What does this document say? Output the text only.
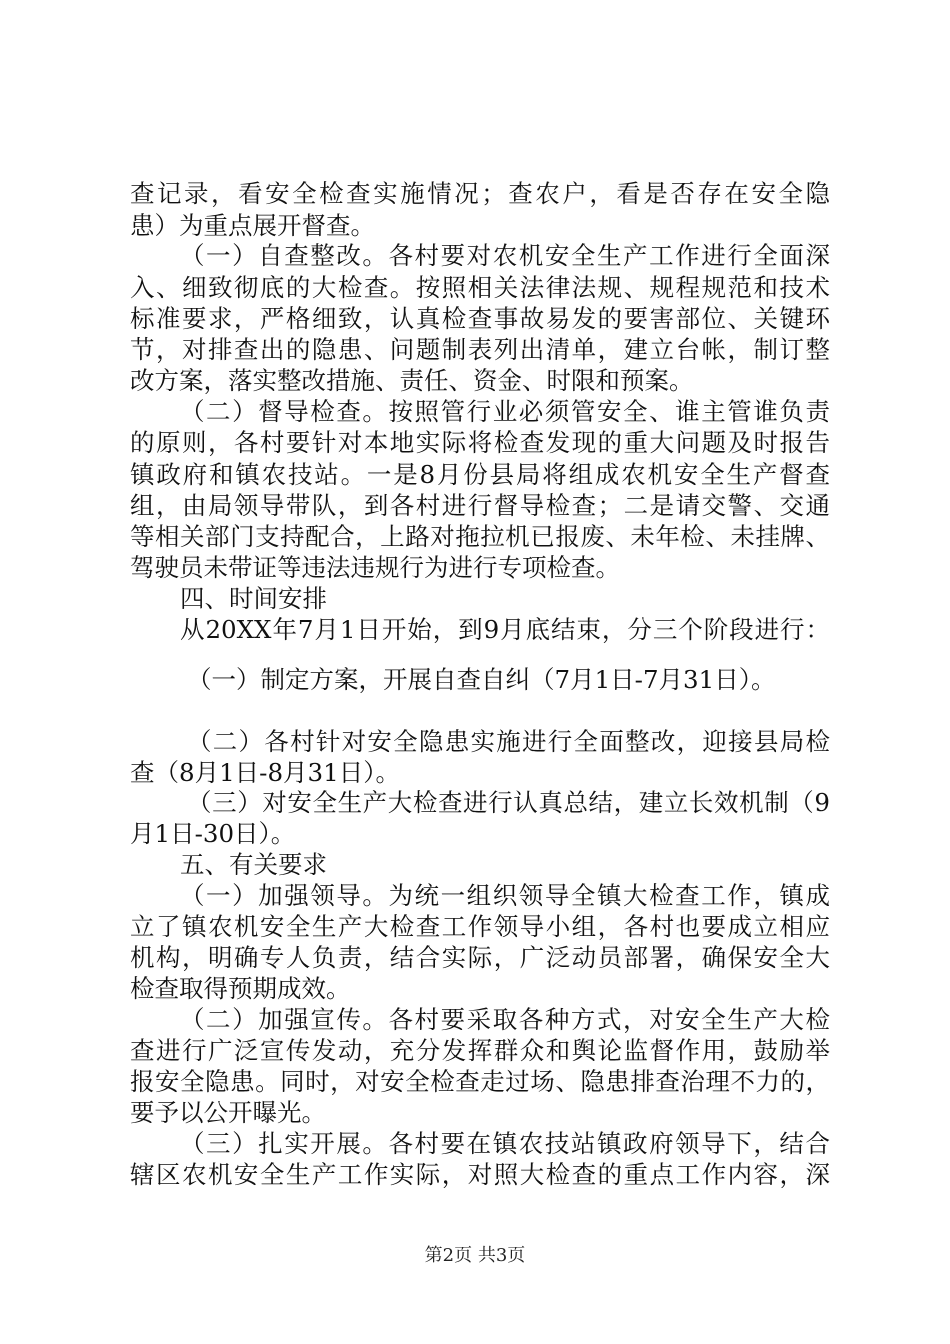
查记录，看安全检查实施情况；查农户，看是否存在安全隐
患）为重点展开督查。
（一）自查整改。各村要对农机安全生产工作进行全面深
入、细致彻底的大检查。按照相关法律法规、规程规范和技术
标准要求，严格细致，认真检查事故易发的要害部位、关键环
节，对排查出的隐患、问题制表列出清单，建立台帐，制订整
改方案，落实整改措施、责任、资金、时限和预案。
（二）督导检查。按照管行业必须管安全、谁主管谁负责
的原则，各村要针对本地实际将检查发现的重大问题及时报告
镇政府和镇农技站。一是8月份县局将组成农机安全生产督查
组，由局领导带队，到各村进行督导检查；二是请交警、交通
等相关部门支持配合，上路对拖拉机已报废、未年检、未挂牌、
驾驶员未带证等违法违规行为进行专项检查。
四、时间安排
从20XX年7月1日开始，到9月底结束，分三个阶段进行：
（一）制定方案，开展自查自纠（7月1日-7月31日）。
（二）各村针对安全隐患实施进行全面整改，迎接县局检
查（8月1日-8月31日）。
（三）对安全生产大检查进行认真总结，建立长效机制（9
月1日-30日）。
五、有关要求
（一）加强领导。为统一组织领导全镇大检查工作，镇成
立了镇农机安全生产大检查工作领导小组，各村也要成立相应
机构，明确专人负责，结合实际，广泛动员部署，确保安全大
检查取得预期成效。
（二）加强宣传。各村要采取各种方式，对安全生产大检
查进行广泛宣传发动，充分发挥群众和舆论监督作用，鼓励举
报安全隐患。同时，对安全检查走过场、隐患排查治理不力的，
要予以公开曝光。
（三）扎实开展。各村要在镇农技站镇政府领导下，结合
辖区农机安全生产工作实际，对照大检查的重点工作内容，深
第2页 共3页
